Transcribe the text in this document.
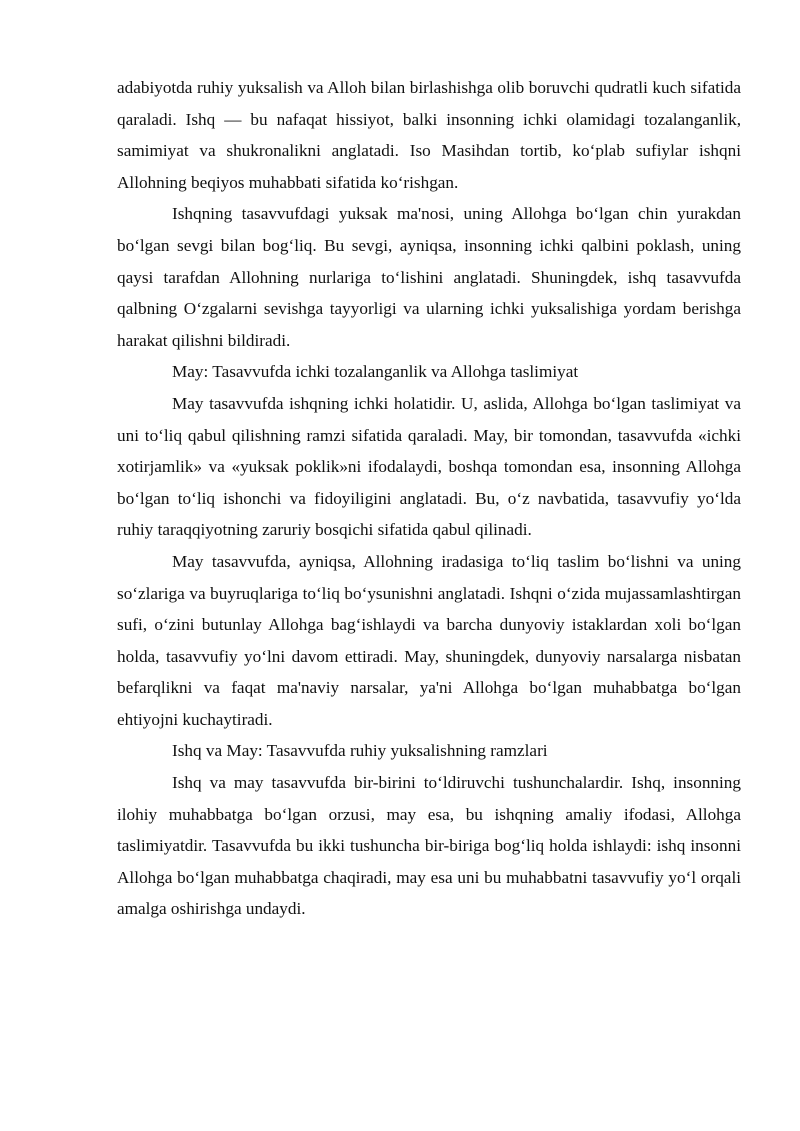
adabiyotda ruhiy yuksalish va Alloh bilan birlashishga olib boruvchi qudratli kuch sifatida qaraladi. Ishq — bu nafaqat hissiyot, balki insonning ichki olamidagi tozalanganlik, samimiyat va shukronalikni anglatadi. Iso Masihdan tortib, ko‘plab sufiylar ishqni Allohning beqiyos muhabbati sifatida ko‘rishgan.

Ishqning tasavvufdagi yuksak ma'nosi, uning Allohga bo‘lgan chin yurakdan bo‘lgan sevgi bilan bog‘liq. Bu sevgi, ayniqsa, insonning ichki qalbini poklash, uning qaysi tarafdan Allohning nurlariga to‘lishini anglatadi. Shuningdek, ishq tasavvufda qalbning O‘zgalarni sevishga tayyorligi va ularning ichki yuksalishiga yordam berishga harakat qilishni bildiradi.

May: Tasavvufda ichki tozalanganlik va Allohga taslimiyat

May tasavvufda ishqning ichki holatidir. U, aslida, Allohga bo‘lgan taslimiyat va uni to‘liq qabul qilishning ramzi sifatida qaraladi. May, bir tomondan, tasavvufda «ichki xotirjamlik» va «yuksak poklik»ni ifodalaydi, boshqa tomondan esa, insonning Allohga bo‘lgan to‘liq ishonchi va fidoyiligini anglatadi. Bu, o‘z navbatida, tasavvufiy yo‘lda ruhiy taraqqiyotning zaruriy bosqichi sifatida qabul qilinadi.

May tasavvufda, ayniqsa, Allohning iradasiga to‘liq taslim bo‘lishni va uning so‘zlariga va buyruqlariga to‘liq bo‘ysunishni anglatadi. Ishqni o‘zida mujassamlashtirgan sufi, o‘zini butunlay Allohga bag‘ishlaydi va barcha dunyoviy istaklardan xoli bo‘lgan holda, tasavvufiy yo‘lni davom ettiradi. May, shuningdek, dunyoviy narsalarga nisbatan befarqlikni va faqat ma'naviy narsalar, ya'ni Allohga bo‘lgan muhabbatga bo‘lgan ehtiyojni kuchaytiradi.

Ishq va May: Tasavvufda ruhiy yuksalishning ramzlari

Ishq va may tasavvufda bir-birini to‘ldiruvchi tushunchalardir. Ishq, insonning ilohiy muhabbatga bo‘lgan orzusi, may esa, bu ishqning amaliy ifodasi, Allohga taslimiyatdir. Tasavvufda bu ikki tushuncha bir-biriga bog‘liq holda ishlaydi: ishq insonni Allohga bo‘lgan muhabbatga chaqiradi, may esa uni bu muhabbatni tasavvufiy yo‘l orqali amalga oshirishga undaydi.
